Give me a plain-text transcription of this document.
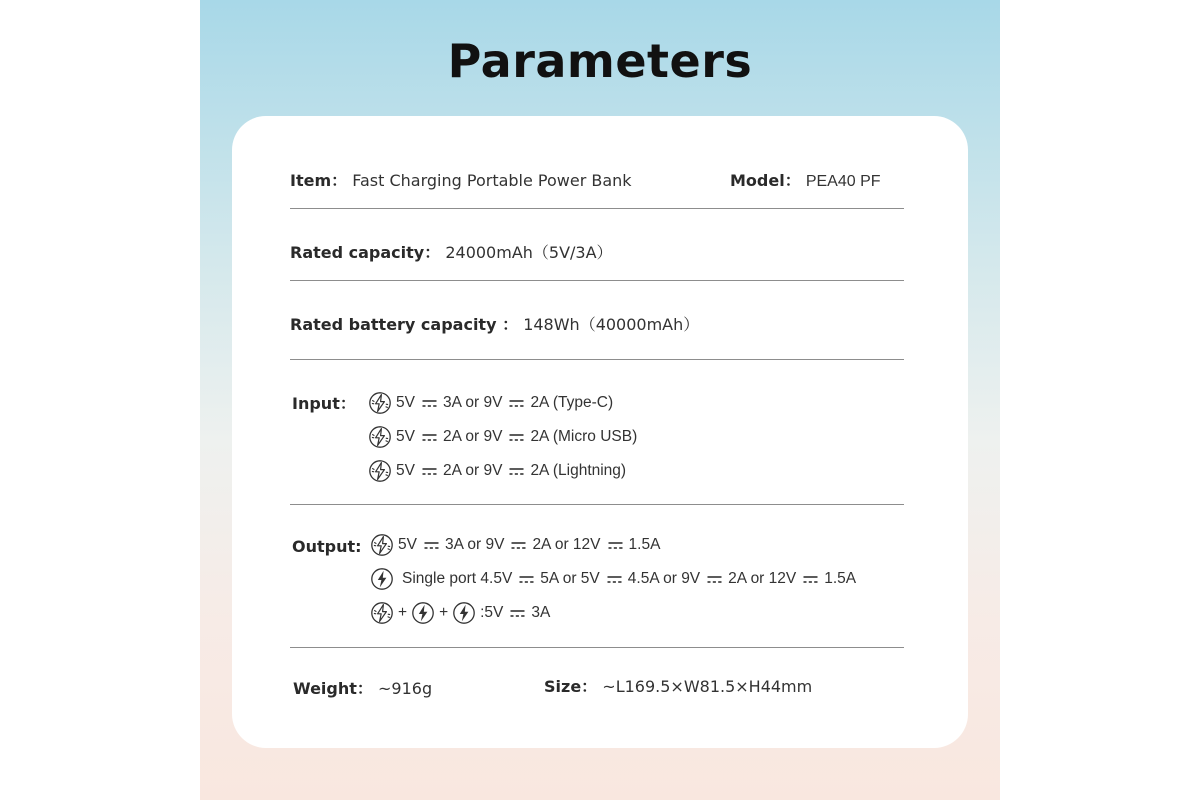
Parameters
Item： Fast Charging Portable Power Bank	Model： PEA40 PF
Rated capacity： 24000mAh（5V/3A）
Rated battery capacity ： 148Wh（40000mAh）
Input：	5V 3A or 9V 2A (Type-C)
5V 2A or 9V 2A (Micro USB)
5V 2A or 9V 2A (Lightning)
Output: 5V 3A or 9V 2A or 12V 1.5A
Single port 4.5V 5A or 5V 4.5A or 9V 2A or 12V 1.5A
+ + :5V 3A
Weight： ~916g	Size： ~L169.5×W81.5×H44mm
